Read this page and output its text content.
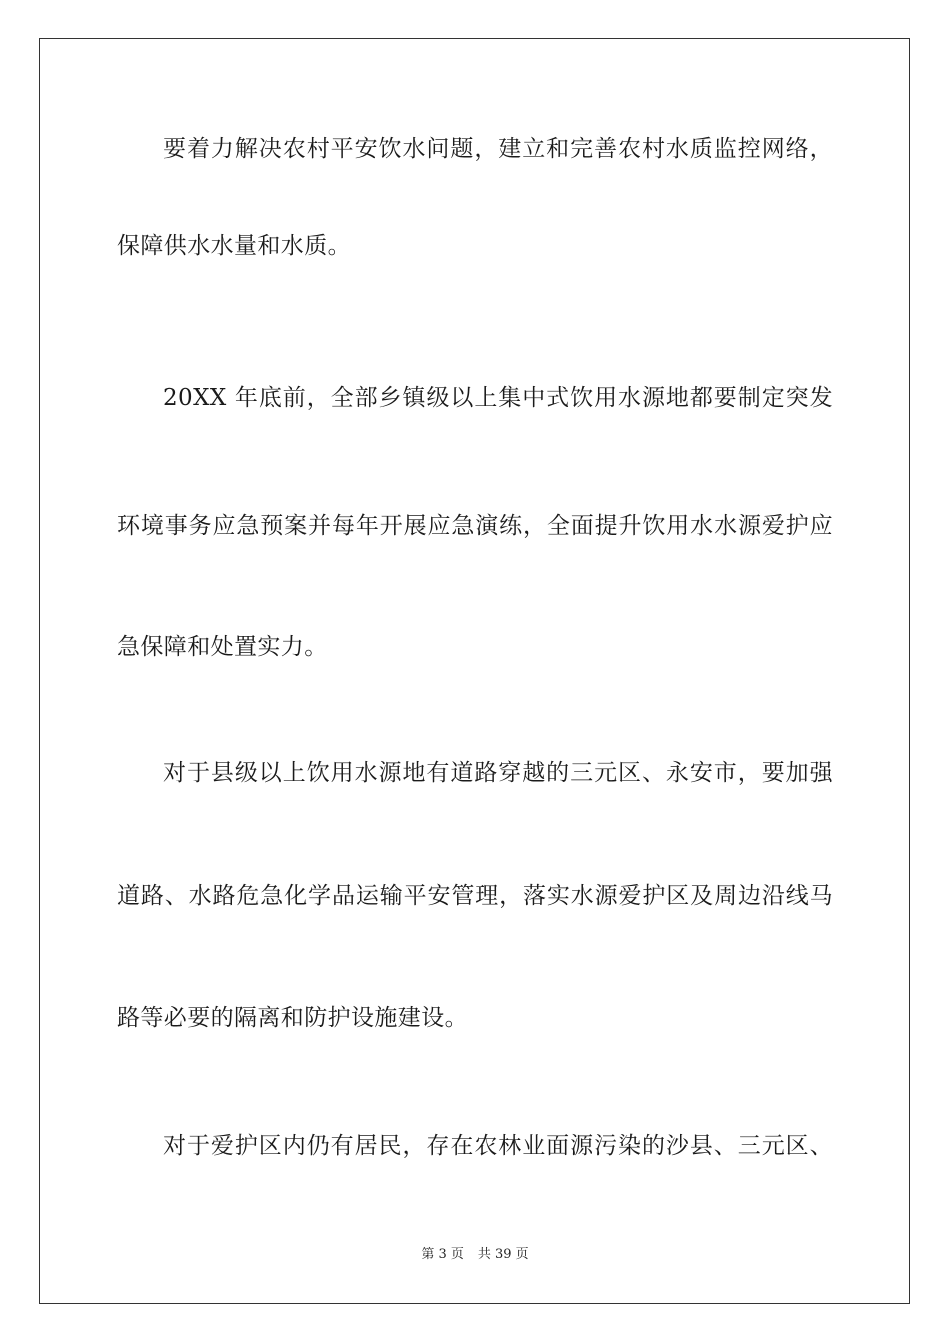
要着力解决农村平安饮水问题，建立和完善农村水质监控网络，
保障供水水量和水质。
20XX 年底前，全部乡镇级以上集中式饮用水源地都要制定突发
环境事务应急预案并每年开展应急演练，全面提升饮用水水源爱护应
急保障和处置实力。
对于县级以上饮用水源地有道路穿越的三元区、永安市，要加强
道路、水路危急化学品运输平安管理，落实水源爱护区及周边沿线马
路等必要的隔离和防护设施建设。
对于爱护区内仍有居民，存在农林业面源污染的沙县、三元区、
第 3 页 共 39 页
